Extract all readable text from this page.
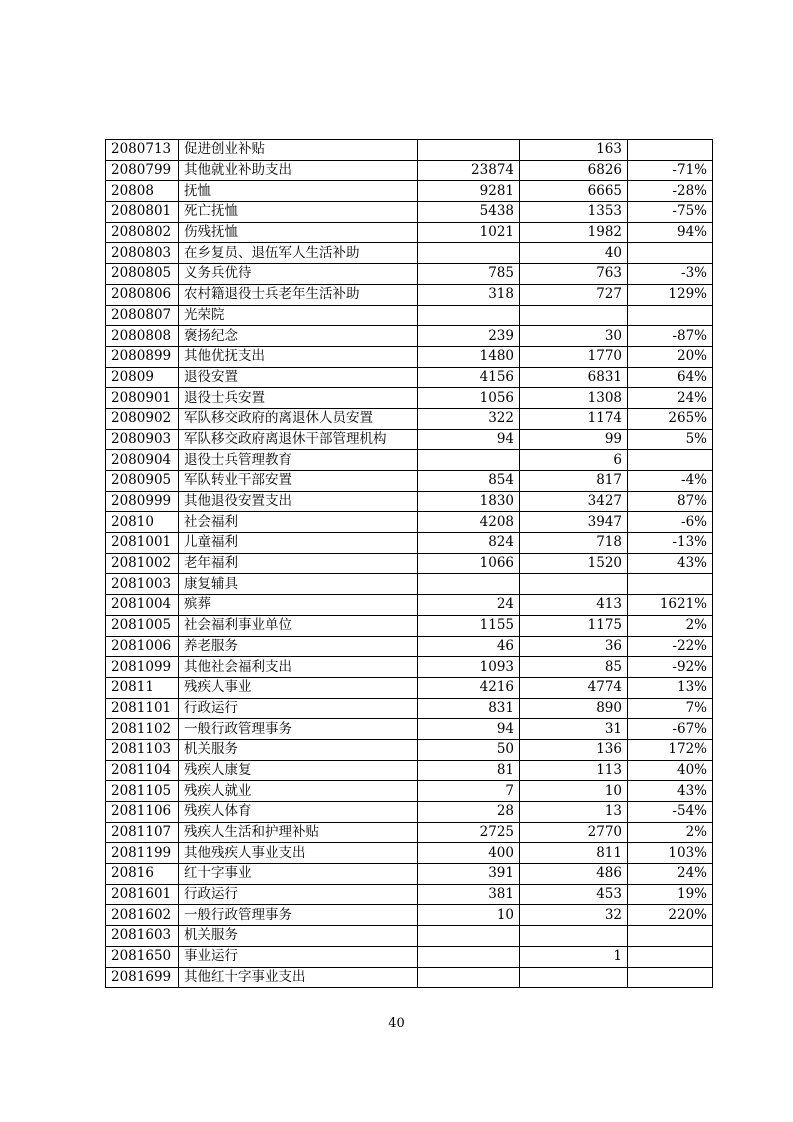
2080713	促进创业补贴		163	
2080799	其他就业补助支出	23874	6826	-71%
20808	抚恤	9281	6665	-28%
2080801	死亡抚恤	5438	1353	-75%
2080802	伤残抚恤	1021	1982	94%
2080803	在乡复员、退伍军人生活补助		40	
2080805	义务兵优待	785	763	-3%
2080806	农村籍退役士兵老年生活补助	318	727	129%
2080807	光荣院			
2080808	褒扬纪念	239	30	-87%
2080899	其他优抚支出	1480	1770	20%
20809	退役安置	4156	6831	64%
2080901	退役士兵安置	1056	1308	24%
2080902	军队移交政府的离退休人员安置	322	1174	265%
2080903	军队移交政府离退休干部管理机构	94	99	5%
2080904	退役士兵管理教育		6	
2080905	军队转业干部安置	854	817	-4%
2080999	其他退役安置支出	1830	3427	87%
20810	社会福利	4208	3947	-6%
2081001	儿童福利	824	718	-13%
2081002	老年福利	1066	1520	43%
2081003	康复辅具			
2081004	殡葬	24	413	1621%
2081005	社会福利事业单位	1155	1175	2%
2081006	养老服务	46	36	-22%
2081099	其他社会福利支出	1093	85	-92%
20811	残疾人事业	4216	4774	13%
2081101	行政运行	831	890	7%
2081102	一般行政管理事务	94	31	-67%
2081103	机关服务	50	136	172%
2081104	残疾人康复	81	113	40%
2081105	残疾人就业	7	10	43%
2081106	残疾人体育	28	13	-54%
2081107	残疾人生活和护理补贴	2725	2770	2%
2081199	其他残疾人事业支出	400	811	103%
20816	红十字事业	391	486	24%
2081601	行政运行	381	453	19%
2081602	一般行政管理事务	10	32	220%
2081603	机关服务			
2081650	事业运行		1	
2081699	其他红十字事业支出			
40
